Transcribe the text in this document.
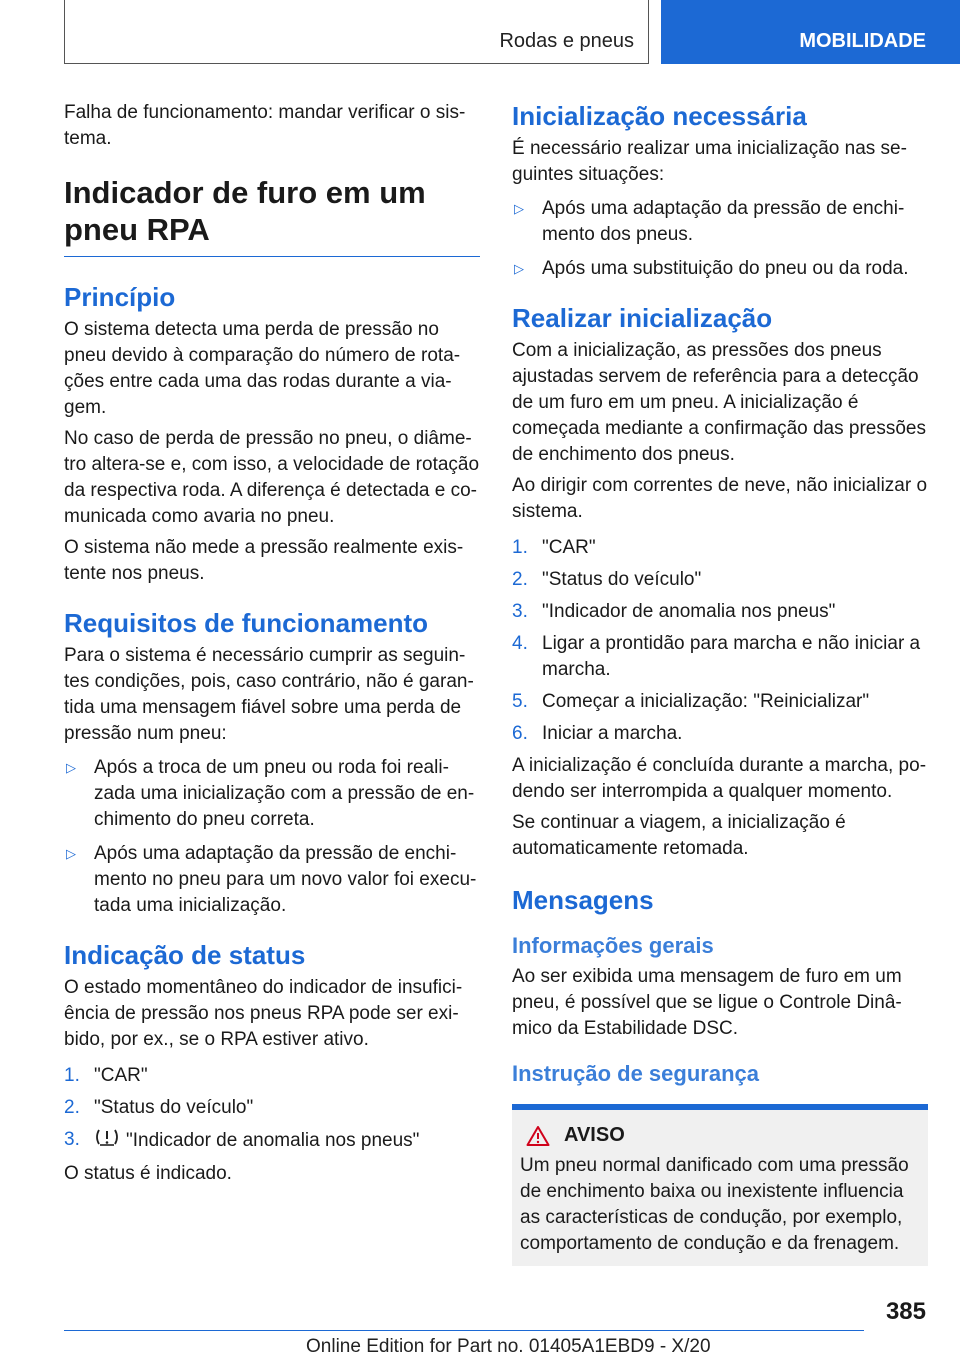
Rodas e pneus	MOBILIDADE

Falha de funcionamento: mandar verificar o sistema.

Indicador de furo em um pneu RPA
Princípio

O sistema detecta uma perda de pressão no pneu devido à comparação do número de rotações entre cada uma das rodas durante a viagem.

No caso de perda de pressão no pneu, o diâmetro altera-se e, com isso, a velocidade de rotação da respectiva roda. A diferença é detectada e comunicada como avaria no pneu.

O sistema não mede a pressão realmente existente nos pneus.

Requisitos de funcionamento

Para o sistema é necessário cumprir as seguintes condições, pois, caso contrário, não é garantida uma mensagem fiável sobre uma perda de pressão num pneu:

▷ Após a troca de um pneu ou roda foi realizada uma inicialização com a pressão de enchimento do pneu correta.
▷ Após uma adaptação da pressão de enchimento no pneu para um novo valor foi executada uma inicialização.
Indicação de status

O estado momentâneo do indicador de insuficiência de pressão nos pneus RPA pode ser exibido, por ex., se o RPA estiver ativo.

1. "CAR"
2. "Status do veículo"
3. "Indicador de anomalia nos pneus"

O status é indicado.

Inicialização necessária

É necessário realizar uma inicialização nas seguintes situações:

▷ Após uma adaptação da pressão de enchimento dos pneus.
▷ Após uma substituição do pneu ou da roda.
Realizar inicialização

Com a inicialização, as pressões dos pneus ajustadas servem de referência para a detecção de um furo em um pneu. A inicialização é começada mediante a confirmação das pressões de enchimento dos pneus.

Ao dirigir com correntes de neve, não inicializar o sistema.

1. "CAR"
2. "Status do veículo"
3. "Indicador de anomalia nos pneus"
4. Ligar a prontidão para marcha e não iniciar a marcha.
5. Começar a inicialização: "Reinicializar"
6. Iniciar a marcha.

A inicialização é concluída durante a marcha, podendo ser interrompida a qualquer momento.

Se continuar a viagem, a inicialização é automaticamente retomada.

Mensagens
Informações gerais

Ao ser exibida uma mensagem de furo em um pneu, é possível que se ligue o Controle Dinâmico da Estabilidade DSC.

Instrução de segurança
AVISO

Um pneu normal danificado com uma pressão de enchimento baixa ou inexistente influencia as características de condução, por exemplo, comportamento de condução e da frenagem.

385
Online Edition for Part no. 01405A1EBD9 - X/20
